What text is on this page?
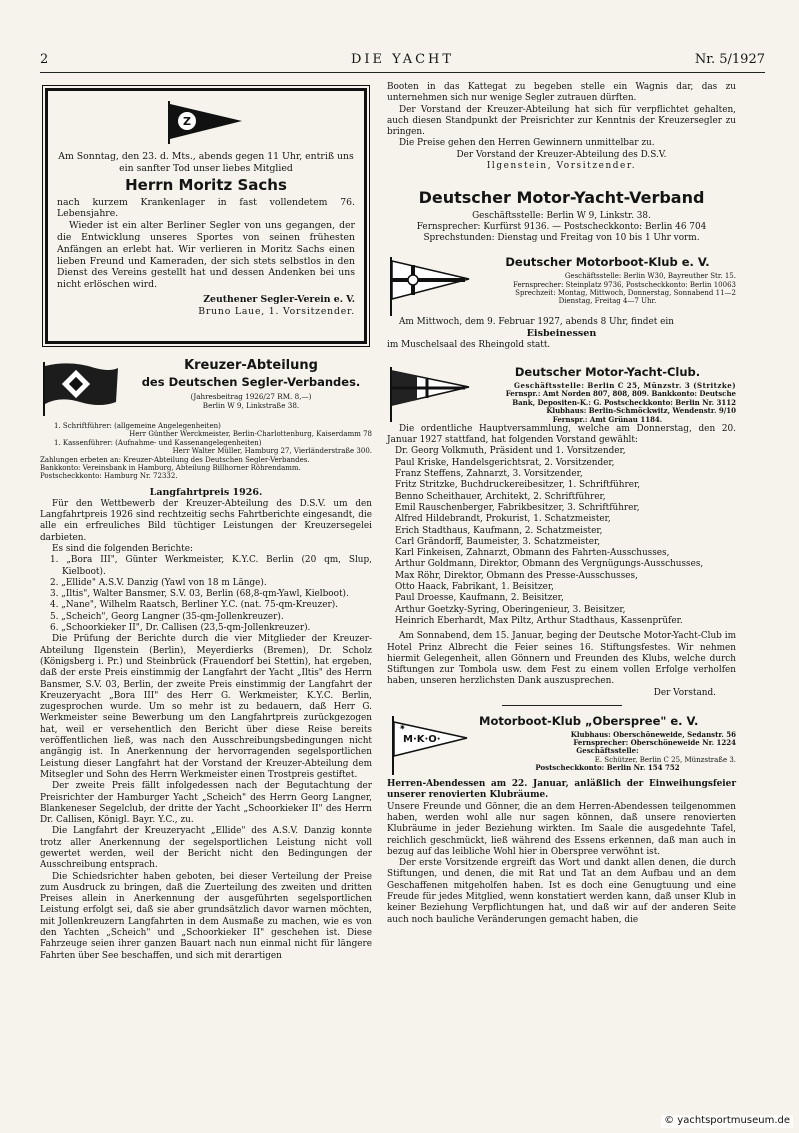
2	DIE YACHT	Nr. 5/1927
Z

Am Sonntag, den 23. d. Mts., abends gegen 11 Uhr, entriß uns ein sanfter Tod unser liebes Mitglied

Herrn Moritz Sachs

nach kurzem Krankenlager in fast vollendetem 76. Lebensjahre.

Wieder ist ein alter Berliner Segler von uns gegangen, der die Entwicklung unseres Sportes von seinen frühesten Anfängen an erlebt hat. Wir verlieren in Moritz Sachs einen lieben Freund und Kameraden, der sich stets selbstlos in den Dienst des Vereins gestellt hat und dessen Andenken bei uns nicht erlöschen wird.

Zeuthener Segler-Verein e. V.

Bruno Laue, 1. Vorsitzender.

Kreuzer-Abteilung

des Deutschen Segler-Verbandes.

(Jahresbeitrag 1926/27 RM. 8,—)

Berlin W 9, Linkstraße 38.

1. Schriftführer: (allgemeine Angelegenheiten)

Herr Günther Werckmeister, Berlin-Charlottenburg, Kaiserdamm 78

1. Kassenführer: (Aufnahme- und Kassenangelegenheiten)

Herr Walter Müller, Hamburg 27, Vierländerstraße 300.

Zahlungen erbeten an: Kreuzer-Abteilung des Deutschen Segler-Verbandes.

Bankkonto: Vereinsbank in Hamburg, Abteilung Billhorner Röhrendamm.

Postscheckkonto: Hamburg Nr. 72332.

Langfahrtpreis 1926.

Für den Wettbewerb der Kreuzer-Abteilung des D.S.V. um den Langfahrtpreis 1926 sind rechtzeitig sechs Fahrtberichte eingesandt, die alle ein erfreuliches Bild tüchtiger Leistungen der Kreuzersegelei darbieten.

Es sind die folgenden Berichte:

1. „Bora III", Günter Werkmeister, K.Y.C. Berlin (20 qm, Slup, Kielboot).
2. „Ellide" A.S.V. Danzig (Yawl von 18 m Länge).
3. „Iltis", Walter Bansmer, S.V. 03, Berlin (68,8-qm-Yawl, Kielboot).
4. „Nane", Wilhelm Raatsch, Berliner Y.C. (nat. 75-qm-Kreuzer).
5. „Scheich", Georg Langner (35-qm-Jollenkreuzer).
6. „Schoorkieker II", Dr. Callisen (23,5-qm-Jollenkreuzer).

Die Prüfung der Berichte durch die vier Mitglieder der Kreuzer-Abteilung Ilgenstein (Berlin), Meyerdierks (Bremen), Dr. Scholz (Königsberg i. Pr.) und Steinbrück (Frauendorf bei Stettin), hat ergeben, daß der erste Preis einstimmig der Langfahrt der Yacht „Iltis" des Herrn Bansmer, S.V. 03, Berlin, der zweite Preis einstimmig der Langfahrt der Kreuzeryacht „Bora III" des Herr G. Werkmeister, K.Y.C. Berlin, zugesprochen wurde. Um so mehr ist zu bedauern, daß Herr G. Werkmeister seine Bewerbung um den Langfahrtpreis zurückgezogen hat, weil er versehentlich den Bericht über diese Reise bereits veröffentlichen ließ, was nach den Ausschreibungsbedingungen nicht angängig ist. In Anerkennung der hervorragenden segelsportlichen Leistung dieser Langfahrt hat der Vorstand der Kreuzer-Abteilung dem Mitsegler und Sohn des Herrn Werkmeister einen Trostpreis gestiftet.

Der zweite Preis fällt infolgedessen nach der Begutachtung der Preisrichter der Hamburger Yacht „Scheich" des Herrn Georg Langner, Blankeneser Segelclub, der dritte der Yacht „Schoorkieker II" des Herrn Dr. Callisen, Königl. Bayr. Y.C., zu.

Die Langfahrt der Kreuzeryacht „Ellide" des A.S.V. Danzig konnte trotz aller Anerkennung der segelsportlichen Leistung nicht voll gewertet werden, weil der Bericht nicht den Bedingungen der Ausschreibung entsprach.

Die Schiedsrichter haben geboten, bei dieser Verteilung der Preise zum Ausdruck zu bringen, daß die Zuerteilung des zweiten und dritten Preises allein in Anerkennung der ausgeführten segelsportlichen Leistung erfolgt sei, daß sie aber grundsätzlich davor warnen möchten, mit Jollenkreuzern Langfahrten in dem Ausmaße zu machen, wie es von den Yachten „Scheich" und „Schoorkieker II" geschehen ist. Diese Fahrzeuge seien ihrer ganzen Bauart nach nun einmal nicht für längere Fahrten über See beschaffen, und sich mit derartigen

Booten in das Kattegat zu begeben stelle ein Wagnis dar, das zu unternehmen sich nur wenige Segler zutrauen dürften.

Der Vorstand der Kreuzer-Abteilung hat sich für verpflichtet gehalten, auch diesen Standpunkt der Preisrichter zur Kenntnis der Kreuzersegler zu bringen.

Die Preise gehen den Herren Gewinnern unmittelbar zu.

Der Vorstand der Kreuzer-Abteilung des D.S.V.

Ilgenstein, Vorsitzender.

Deutscher Motor-Yacht-Verband

Geschäftsstelle: Berlin W 9, Linkstr. 38.

Fernsprecher: Kurfürst 9136. — Postscheckkonto: Berlin 46 704

Sprechstunden: Dienstag und Freitag von 10 bis 1 Uhr vorm.

Deutscher Motorboot-Klub e. V.

Geschäftsstelle: Berlin W30, Bayreuther Str. 15.

Fernsprecher: Steinplatz 9736, Postscheckkonto: Berlin 10063

Sprechzeit: Montag, Mittwoch, Donnerstag, Sonnabend 11—2

Dienstag, Freitag 4—7 Uhr.

Am Mittwoch, dem 9. Februar 1927, abends 8 Uhr, findet ein

Eisbeinessen

im Muschelsaal des Rheingold statt.

Deutscher Motor-Yacht-Club.

Geschäftsstelle: Berlin C 25, Münzstr. 3 (Stritzke)

Fernspr.: Amt Norden 807, 808, 809. Bankkonto: Deutsche

Bank, Depositen-K.: G. Postscheckkonto: Berlin Nr. 3112

Klubhaus: Berlin-Schmöckwitz, Wendenstr. 9/10

Fernspr.: Amt Grünau 1184.

Die ordentliche Hauptversammlung, welche am Donnerstag, den 20. Januar 1927 stattfand, hat folgenden Vorstand gewählt:

Dr. Georg Volkmuth, Präsident und 1. Vorsitzender,

Paul Kriske, Handelsgerichtsrat, 2. Vorsitzender,

Franz Steffens, Zahnarzt, 3. Vorsitzender,

Fritz Stritzke, Buchdruckereibesitzer, 1. Schriftführer,

Benno Scheithauer, Architekt, 2. Schriftführer,

Emil Rauschenberger, Fabrikbesitzer, 3. Schriftführer,

Alfred Hildebrandt, Prokurist, 1. Schatzmeister,

Erich Stadthaus, Kaufmann, 2. Schatzmeister,

Carl Grändorff, Baumeister, 3. Schatzmeister,

Karl Finkeisen, Zahnarzt, Obmann des Fahrten-Ausschusses,

Arthur Goldmann, Direktor, Obmann des Vergnügungs-Ausschusses,

Max Röhr, Direktor, Obmann des Presse-Ausschusses,

Otto Haack, Fabrikant, 1. Beisitzer,

Paul Droesse, Kaufmann, 2. Beisitzer,

Arthur Goetzky-Syring, Oberingenieur, 3. Beisitzer,

Heinrich Eberhardt, Max Piltz, Arthur Stadthaus, Kassenprüfer.

Am Sonnabend, dem 15. Januar, beging der Deutsche Motor-Yacht-Club im Hotel Prinz Albrecht die Feier seines 16. Stiftungsfestes. Wir nehmen hiermit Gelegenheit, allen Gönnern und Freunden des Klubs, welche durch Stiftungen zur Tombola usw. dem Fest zu einem vollen Erfolge verholfen haben, unseren herzlichsten Dank auszusprechen.

Der Vorstand.

M·K·O·
✷	Motorboot-Klub „Oberspree" e. V.

Klubhaus: Oberschöneweide, Sedanstr. 56

Fernsprecher: Oberschöneweide Nr. 1224

Geschäftsstelle:

E. Schützer, Berlin C 25, Münzstraße 3.

Postscheckkonto: Berlin Nr. 154 752

Herren-Abendessen am 22. Januar, anläßlich der Einweihungsfeier unserer renovierten Klubräume.

Unsere Freunde und Gönner, die an dem Herren-Abendessen teilgenommen haben, werden wohl alle nur sagen können, daß unsere renovierten Klubräume in jeder Beziehung wirkten. Im Saale die ausgedehnte Tafel, reichlich geschmückt, ließ während des Essens erkennen, daß man auch in bezug auf das leibliche Wohl hier in Oberspree verwöhnt ist.

Der erste Vorsitzende ergreift das Wort und dankt allen denen, die durch Stiftungen, und denen, die mit Rat und Tat an dem Aufbau und an dem Geschaffenen mitgeholfen haben. Ist es doch eine Genugtuung und eine Freude für jedes Mitglied, wenn konstatiert werden kann, daß unser Klub in keiner Beziehung Verpflichtungen hat, und daß wir auf der anderen Seite auch noch bauliche Veränderungen gemacht haben, die

© yachtsportmuseum.de
